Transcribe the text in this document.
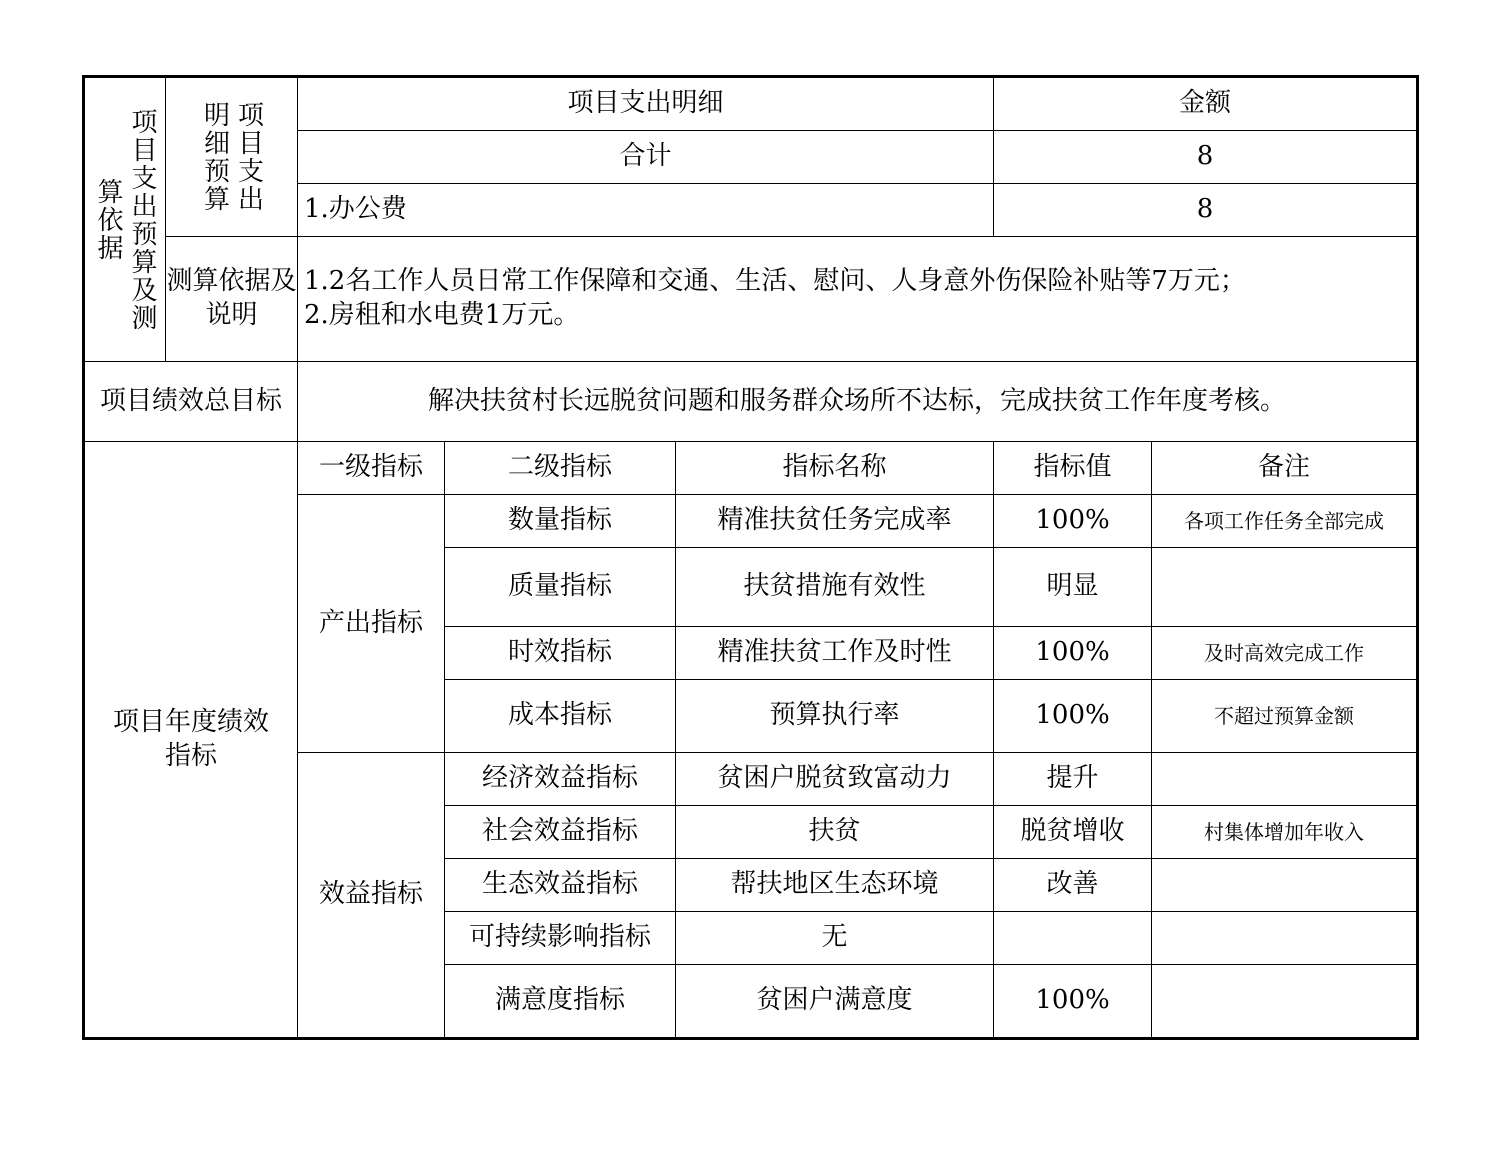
项目支出预算及测
算依据	项目支出
明细预算	项目支出明细			金额	
		合计			8	
		1.办公费			8	
	测算依据及说明	1.2名工作人员日常工作保障和交通、生活、慰问、人身意外伤保险补贴等7万元；
2.房租和水电费1万元。				

项目绩效总目标		解决扶贫村长远脱贫问题和服务群众场所不达标，完成扶贫工作年度考核。				
项目年度绩效指标		一级指标	二级指标	指标名称	指标值	备注
		产出指标	数量指标	精准扶贫任务完成率	100%	各项工作任务全部完成
			质量指标	扶贫措施有效性	明显	
			时效指标	精准扶贫工作及时性	100%	及时高效完成工作
			成本指标	预算执行率	100%	不超过预算金额
		效益指标	经济效益指标	贫困户脱贫致富动力	提升	
			社会效益指标	扶贫	脱贫增收	村集体增加年收入
			生态效益指标	帮扶地区生态环境	改善	
			可持续影响指标	无		
			满意度指标	贫困户满意度	100%	
